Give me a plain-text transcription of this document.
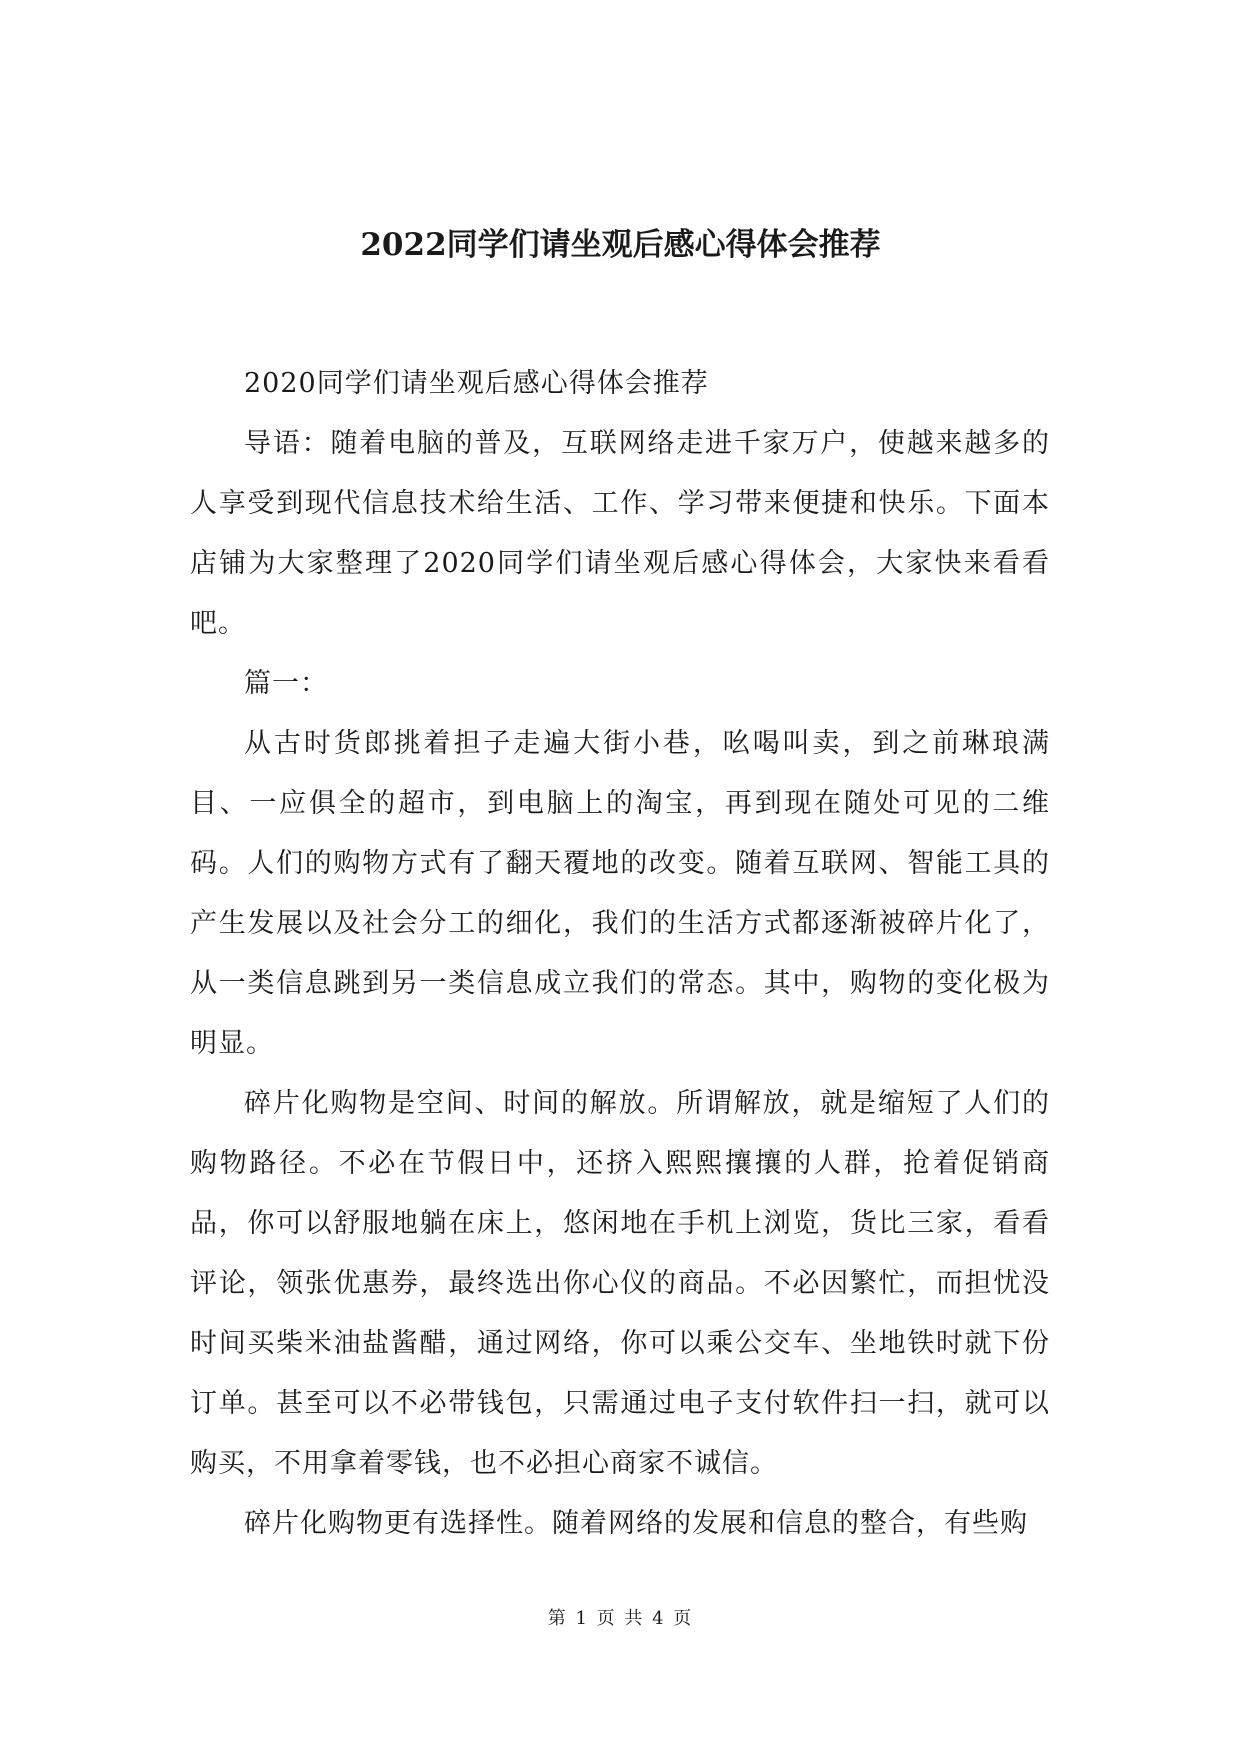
2022同学们请坐观后感心得体会推荐

2020同学们请坐观后感心得体会推荐

导语：随着电脑的普及，互联网络走进千家万户，使越来越多的人享受到现代信息技术给生活、工作、学习带来便捷和快乐。下面本店铺为大家整理了2020同学们请坐观后感心得体会，大家快来看看吧。

篇一：

从古时货郎挑着担子走遍大街小巷，吆喝叫卖，到之前琳琅满目、一应俱全的超市，到电脑上的淘宝，再到现在随处可见的二维码。人们的购物方式有了翻天覆地的改变。随着互联网、智能工具的产生发展以及社会分工的细化，我们的生活方式都逐渐被碎片化了，从一类信息跳到另一类信息成立我们的常态。其中，购物的变化极为明显。

碎片化购物是空间、时间的解放。所谓解放，就是缩短了人们的购物路径。不必在节假日中，还挤入熙熙攘攘的人群，抢着促销商品，你可以舒服地躺在床上，悠闲地在手机上浏览，货比三家，看看评论，领张优惠券，最终选出你心仪的商品。不必因繁忙，而担忧没时间买柴米油盐酱醋，通过网络，你可以乘公交车、坐地铁时就下份订单。甚至可以不必带钱包，只需通过电子支付软件扫一扫，就可以购买，不用拿着零钱，也不必担心商家不诚信。

碎片化购物更有选择性。随着网络的发展和信息的整合，有些购

第 1 页 共 4 页
